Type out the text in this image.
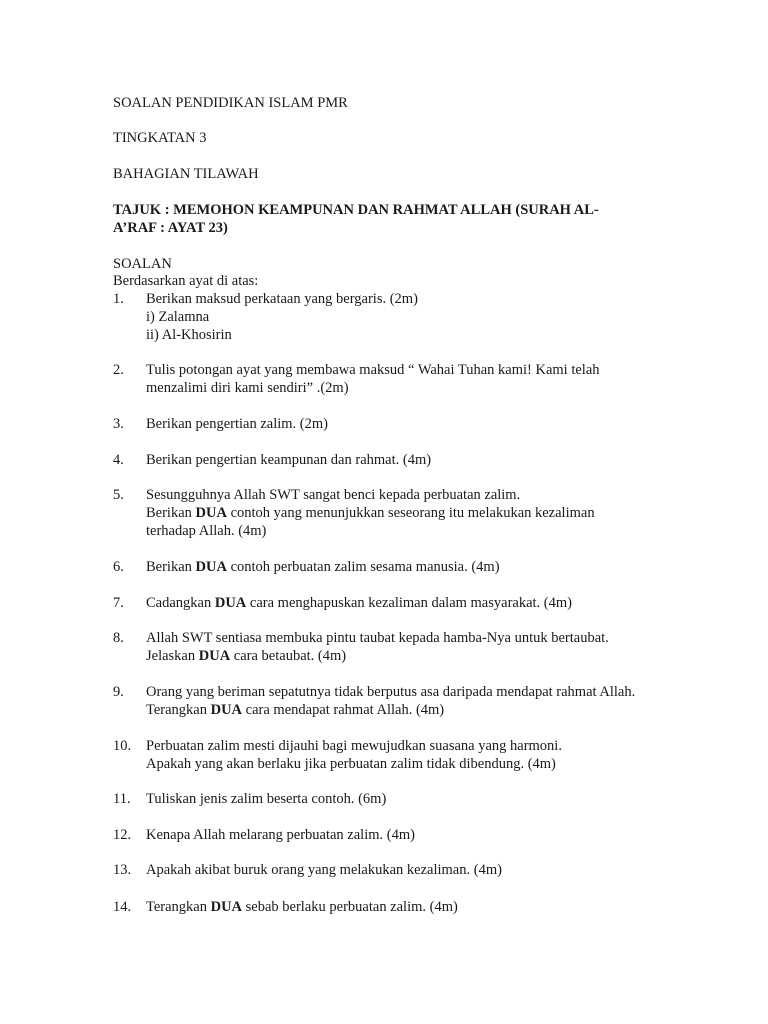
SOALAN PENDIDIKAN ISLAM PMR
TINGKATAN 3
BAHAGIAN TILAWAH
TAJUK : MEMOHON KEAMPUNAN DAN RAHMAT ALLAH (SURAH AL-A’RAF : AYAT 23)
SOALAN
Berdasarkan ayat di atas:
1.	Berikan maksud perkataan yang bergaris. (2m)
i) Zalamna
ii) Al-Khosirin
2.	Tulis potongan ayat yang membawa maksud “ Wahai Tuhan kami! Kami telah
menzalimi diri kami sendiri” .(2m)
3.	Berikan pengertian zalim. (2m)
4.	Berikan pengertian keampunan dan rahmat. (4m)
5.	Sesungguhnya Allah SWT sangat benci kepada perbuatan zalim.
Berikan DUA contoh yang menunjukkan seseorang itu melakukan kezaliman
terhadap Allah. (4m)
6.	Berikan DUA contoh perbuatan zalim sesama manusia. (4m)
7.	Cadangkan DUA cara menghapuskan kezaliman dalam masyarakat. (4m)
8.	Allah SWT sentiasa membuka pintu taubat kepada hamba-Nya untuk bertaubat.
Jelaskan DUA cara betaubat. (4m)
9.	Orang yang beriman sepatutnya tidak berputus asa daripada mendapat rahmat Allah.
Terangkan DUA cara mendapat rahmat Allah. (4m)
10.	Perbuatan zalim mesti dijauhi bagi mewujudkan suasana yang harmoni.
Apakah yang akan berlaku jika perbuatan zalim tidak dibendung. (4m)
11.	Tuliskan jenis zalim beserta contoh. (6m)
12.	Kenapa Allah melarang perbuatan zalim. (4m)
13.	Apakah akibat buruk orang yang melakukan kezaliman. (4m)
14.	Terangkan DUA sebab berlaku perbuatan zalim. (4m)
